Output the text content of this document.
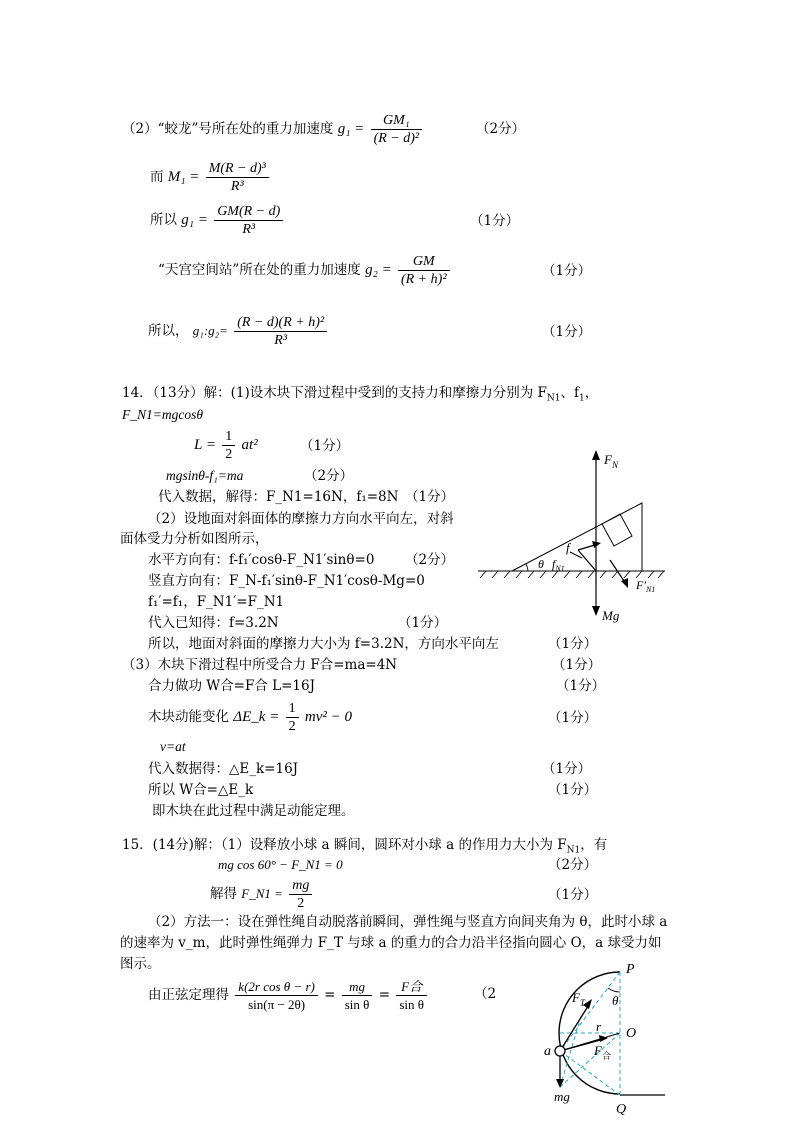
（2）“蛟龙”号所在处的重力加速度 $g_1 = \frac{\text{GM₁}}{\text{(R − d)²}}$	（2分）
而 $M_1 = \frac{\text{M(R − d)³}}{\text{R³}}$
所以 $g_1 = \frac{GM(R - d)}{\text{R³}}$	（1分）
“天宫空间站”所在处的重力加速度 $g_2 = \frac{GM}{\text{(R + h)²}}$	（1分）
所以， g₁:g₂= $\frac{\text{(R − d)(R + h)²}}{\text{R³}}$	（1分）
14．（13分）解：(1)设木块下滑过程中受到的支持力和摩擦力分别为 $F_{N1}$、$f_1$，
F_N1=mgcosθ
$L = \frac{1}{2} at^2$	（1分）
mgsinθ-f₁=ma	（2分）
代入数据，解得：F_N1=16N，f₁=8N （1分）
（2）设地面对斜面体的摩擦力方向水平向左，对斜
面体受力分析如图所示，
水平方向有：f-f₁′cosθ-F_N1′sinθ=0 （2分）
竖直方向有：F_N-f₁′sinθ-F_N1′cosθ-Mg=0
f₁′=f₁，F_N1′=F_N1
代入已知得：f=3.2N	（1分）
所以，地面对斜面的摩擦力大小为 f=3.2N，方向水平向左	（1分）
（3）木块下滑过程中所受合力 F合=ma=4N	（1分）
合力做功 W合=F合 L=16J	（1分）
木块动能变化 ΔE_k = $\frac{1}{2} mv^2 - 0$	（1分）
v=at
代入数据得：△E_k=16J	（1分）
所以 W合=△E_k	（1分）
即木块在此过程中满足动能定理。
$F_N$
f
θ $f_{N1}$
$F'_{N1}$
Mg
15．(14分)解：（1）设释放小球 a 瞬间，圆环对小球 a 的作用力大小为 $F_{N1}$，有
mg cos 60° − F_N1 = 0	（2分）
解得 F_N1 = $\frac{mg}{2}$	（1分）
（2）方法一：设在弹性绳自动脱落前瞬间，弹性绳与竖直方向间夹角为 θ，此时小球 a
的速率为 v_m，此时弹性绳弹力 F_T 与球 a 的重力的合力沿半径指向圆心 O，a 球受力如
图示。
由正弦定理得 $\frac{\text{k(2r cos θ − r)}}{\sin(\pi - 2\theta)} = \frac{mg}{\text{sin θ}} = \frac{\text{F合}}{\text{sin θ}}$	（2
P
θ
$F_T$
r O
a	$F_合$
mg
Q
